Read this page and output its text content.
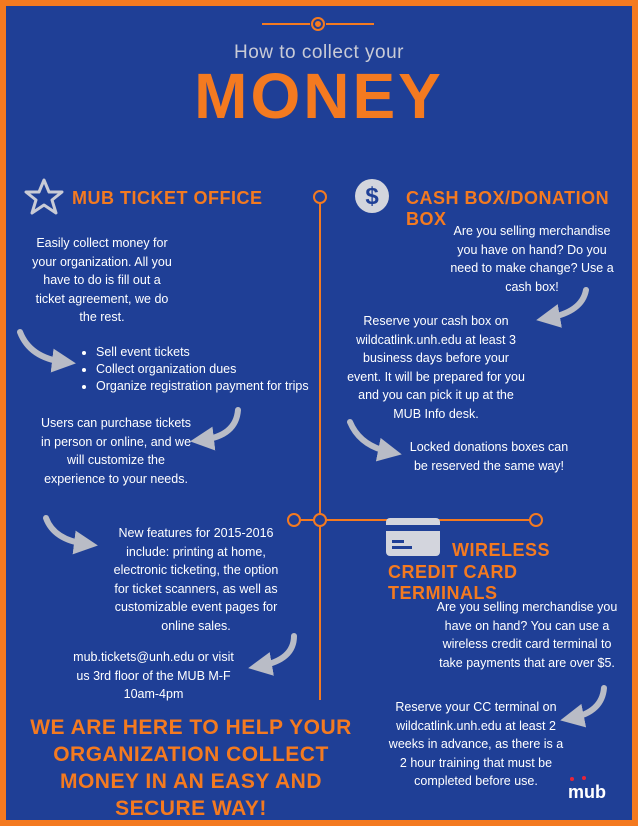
How to collect your
MONEY
MUB TICKET OFFICE
Easily collect money for your organization. All you have to do is fill out a ticket agreement, we do the rest.
• Sell event tickets
• Collect organization dues
• Organize registration payment for trips
Users can purchase tickets in person or online, and we will customize the experience to your needs.
New features for 2015-2016 include: printing at home, electronic ticketing, the option for ticket scanners, as well as customizable event pages for online sales.
mub.tickets@unh.edu or visit us 3rd floor of the MUB M-F 10am-4pm
$ CASH BOX/DONATION BOX
Are you selling merchandise you have on hand? Do you need to make change? Use a cash box!
Reserve your cash box on wildcatlink.unh.edu at least 3 business days before your event. It will be prepared for you and you can pick it up at the MUB Info desk.
Locked donations boxes can be reserved the same way!
WIRELESS
CREDIT CARD TERMINALS
Are you selling merchandise you have on hand? You can use a wireless credit card terminal to take payments that are over $5.
Reserve your CC terminal on wildcatlink.unh.edu at least 2 weeks in advance, as there is a 2 hour training that must be completed before use.
WE ARE HERE TO HELP YOUR ORGANIZATION COLLECT MONEY IN AN EASY AND SECURE WAY!
mub
